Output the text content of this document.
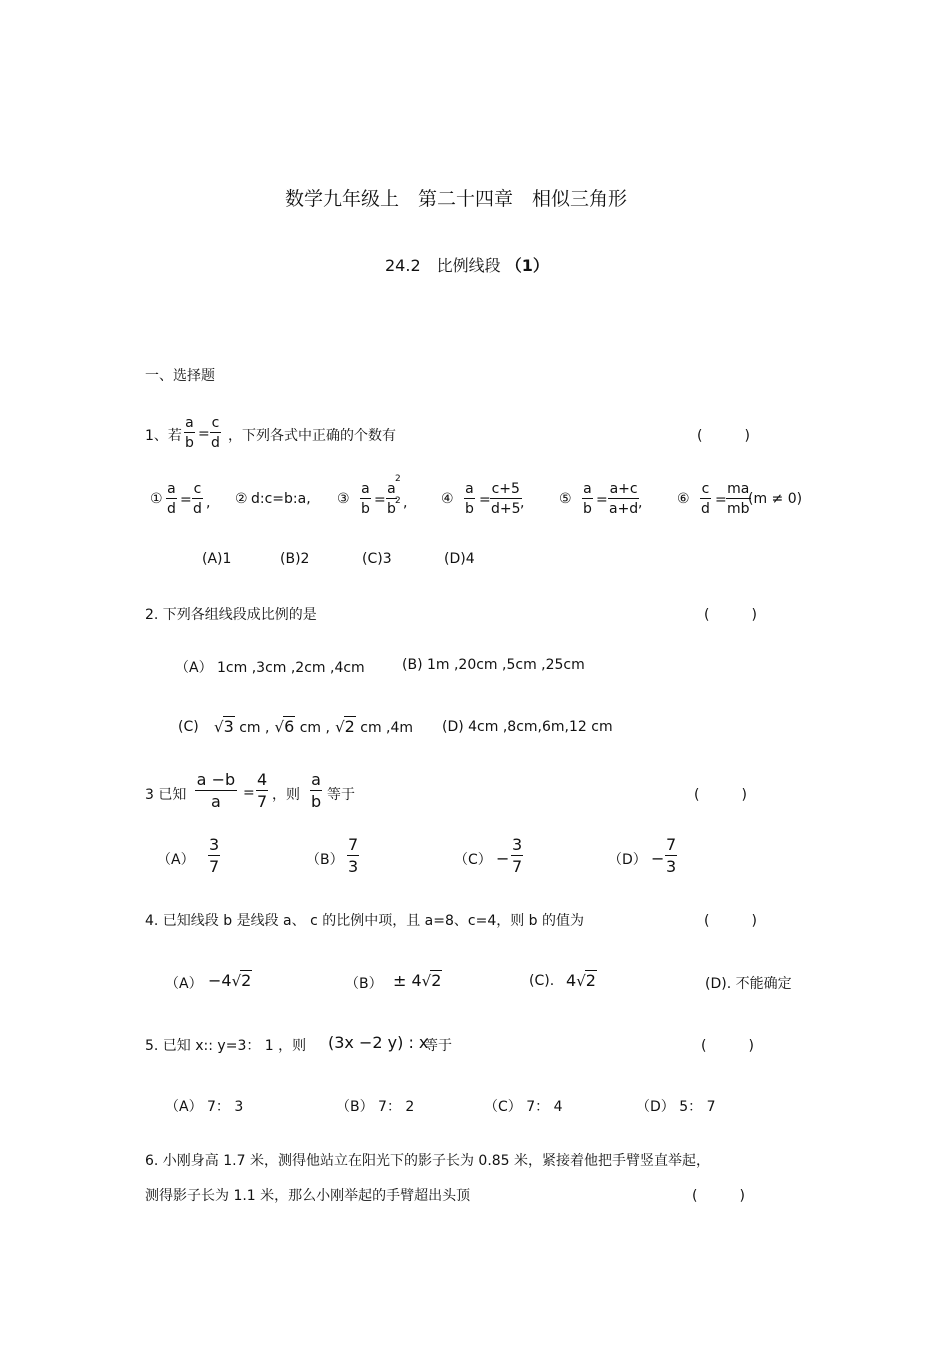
数学九年级上　第二十四章　相似三角形
24.2　比例线段 （1）
一、选择题
1、若 $\frac{a}{b} = \frac{c}{d}$ ，下列各式中正确的个数有	(　　　)
① $\frac{a}{d} = \frac{c}{d}$ , ② d:c=b:a, ③ $\frac{a}{b} = \frac{a}{b}$
2
2 , ④ $\frac{a}{b} = \frac{c+5}{d+5}$
, ⑤ $\frac{a}{b} = \frac{a+c}{a+d}$
, ⑥ $\frac{c}{d} = \frac{ma}{mb}$
(m ≠ 0)
(A)1	(B)2	(C)3	(D)4
2. 下列各组线段成比例的是	(　　　)
（A） 1cm ,3cm ,2cm ,4cm	(B) 1m ,20cm ,5cm ,25cm
(C) √3 cm , √6 cm , √2 cm ,4m (D) 4cm ,8cm,6m,12 cm
3 已知 $\frac{a -b}{a} = \frac{4}{7}$ ，则 $\frac{a}{b}$ 等于	(　　　)
$(A) \frac{3}{7}$	$(B) \frac{7}{3}$	$(C) - \frac{3}{7}$	$(D) - \frac{7}{3}$
4. 已知线段 b 是线段 a、 c 的比例中项，且 a=8、c=4，则 b 的值为	(　　　)
（A） −4√2	（B） ± 4√2	(C). 4√2	(D). 不能确定
5. 已知 x:: y=3： 1 ，则 (3x −2 y) : x
等于	(　　　)
（A） 7： 3	（B） 7： 2	（C） 7： 4	（D） 5： 7
6. 小刚身高 1.7 米，测得他站立在阳光下的影子长为 0.85 米，紧接着他把手臂竖直举起，
测得影子长为 1.1 米，那么小刚举起的手臂超出头顶	(　　　)
